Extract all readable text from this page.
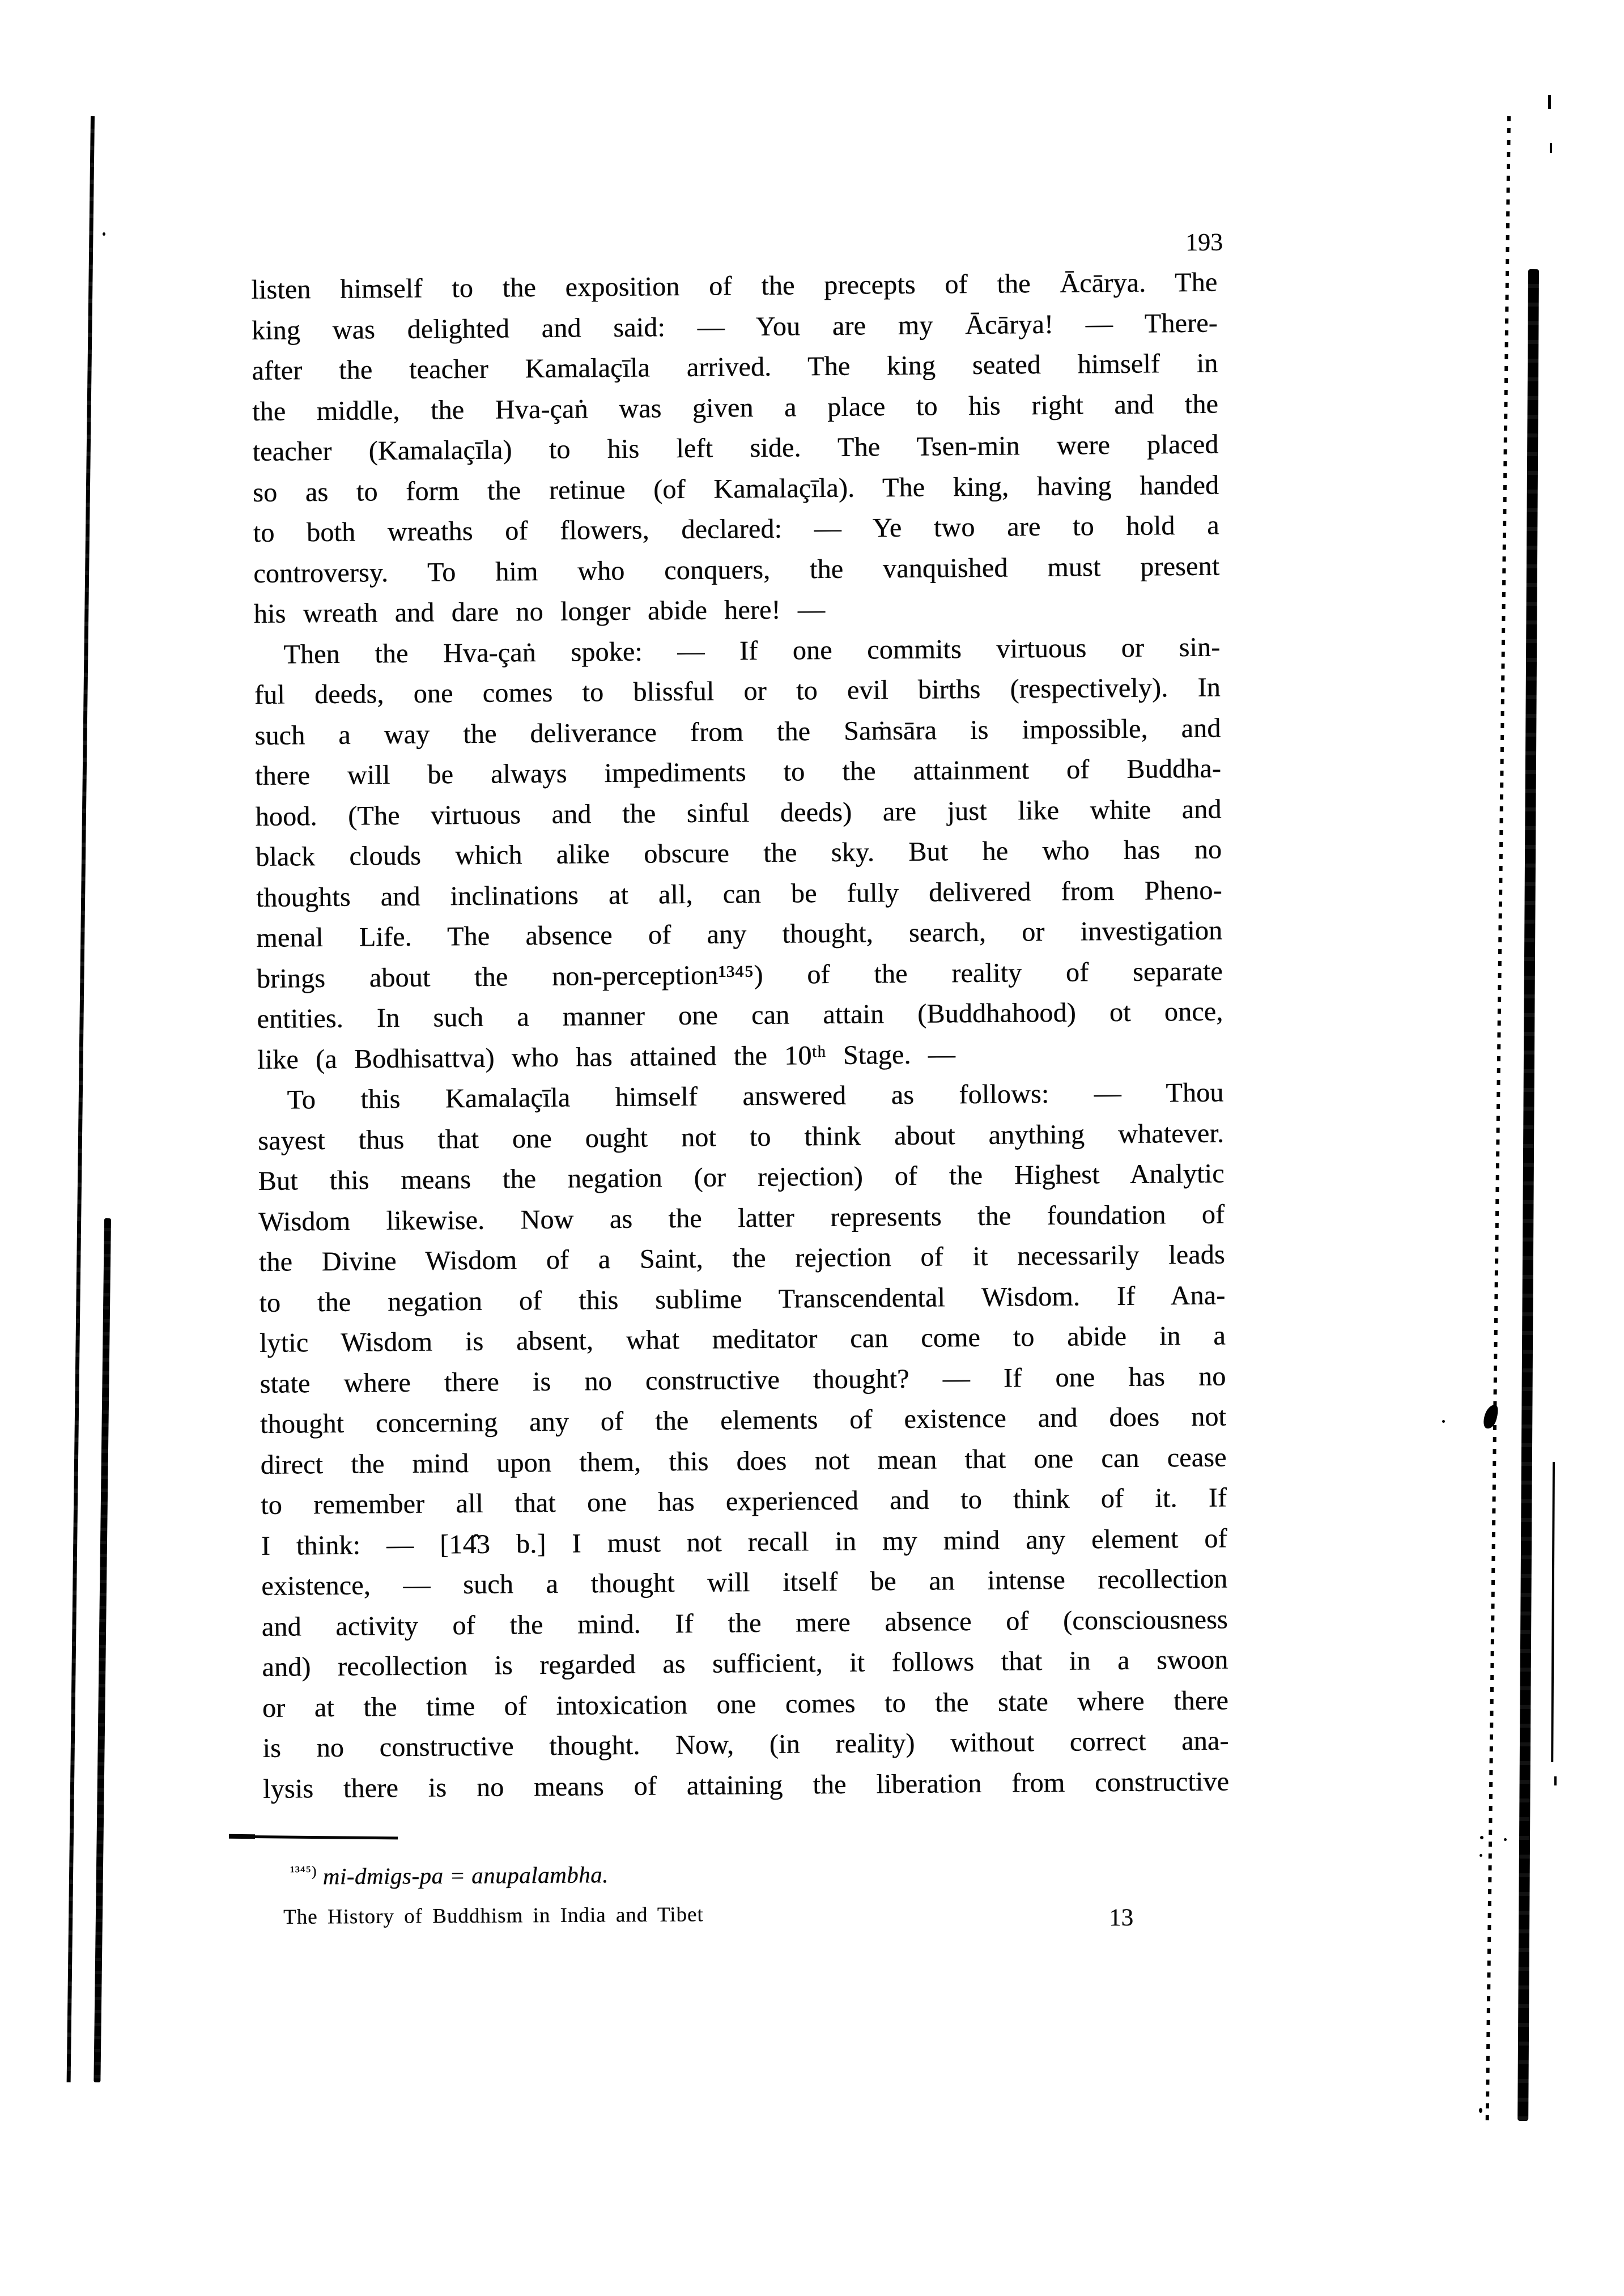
193
listen himself to the exposition of the precepts of the Ācārya. The
king was delighted and said: — You are my Ācārya! — There-
after the teacher Kamalaçīla arrived. The king seated himself in
the middle, the Hva-çaṅ was given a place to his right and the
teacher (Kamalaçīla) to his left side. The Tsen-min were placed
so as to form the retinue (of Kamalaçīla). The king, having handed
to both wreaths of flowers, declared: — Ye two are to hold a
controversy. To him who conquers, the vanquished must present
his wreath and dare no longer abide here! —
Then the Hva-çaṅ spoke: — If one commits virtuous or sin-
ful deeds, one comes to blissful or to evil births (respectively). In
such a way the deliverance from the Saṁsāra is impossible, and
there will be always impediments to the attainment of Buddha-
hood. (The virtuous and the sinful deeds) are just like white and
black clouds which alike obscure the sky. But he who has no
thoughts and inclinations at all, can be fully delivered from Pheno-
menal Life. The absence of any thought, search, or investigation
brings about the non-perception¹³⁴⁵) of the reality of separate
entities. In such a manner one can attain (Buddhahood) ot once,
like (a Bodhisattva) who has attained the 10ᵗʰ Stage. —
To this Kamalaçīla himself answered as follows: — Thou
sayest thus that one ought not to think about anything whatever.
But this means the negation (or rejection) of the Highest Analytic
Wisdom likewise. Now as the latter represents the foundation of
the Divine Wisdom of a Saint, the rejection of it necessarily leads
to the negation of this sublime Transcendental Wisdom. If Ana-
lytic Wisdom is absent, what meditator can come to abide in a
state where there is no constructive thought? — If one has no
thought concerning any of the elements of existence and does not
direct the mind upon them, this does not mean that one can cease
to remember all that one has experienced and to think of it. If
I think: — [14̂3 b.] I must not recall in my mind any element of
existence, — such a thought will itself be an intense recollection
and activity of the mind. If the mere absence of (consciousness
and) recollection is regarded as sufficient, it follows that in a swoon
or at the time of intoxication one comes to the state where there
is no constructive thought. Now, (in reality) without correct ana-
lysis there is no means of attaining the liberation from constructive
$^{^{1345})}$ mi-dmigs-pa = anupalambha.
The History of Buddhism in India and Tibet	13
